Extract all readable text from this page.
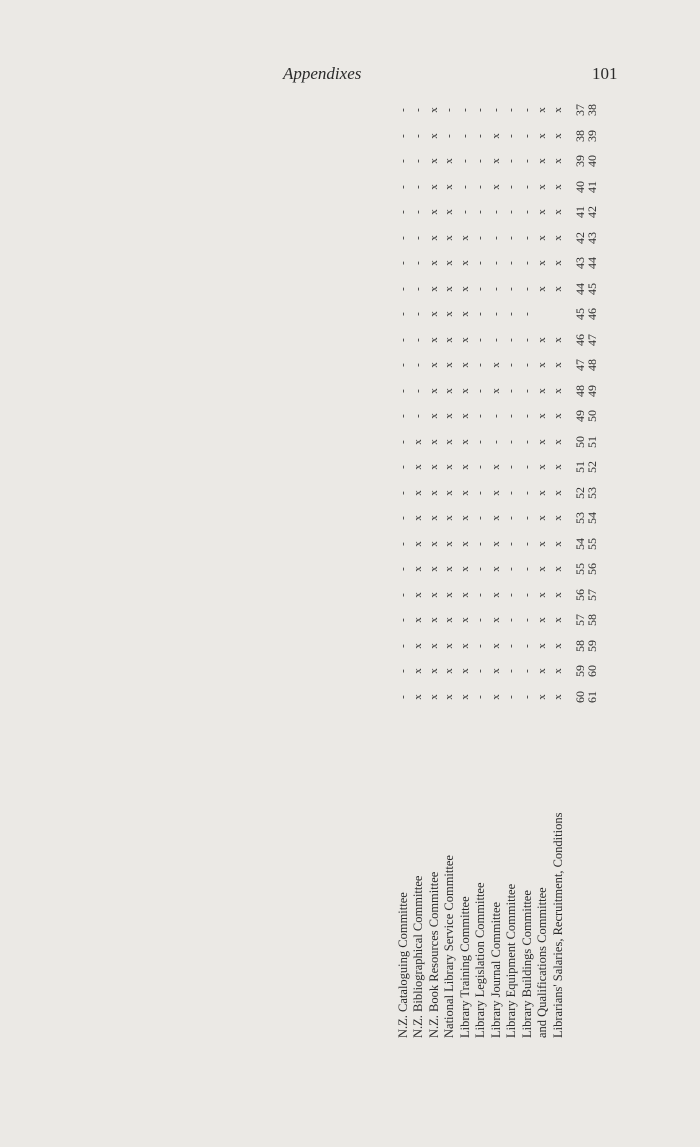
Appendixes	101
37
38
38
39
39
40
40
41
41
42
42
43
43
44
44
45
45
46
46
47
47
48
48
49
49
50
50
51
51
52
52
53
53
54
54
55
55
56
56
57
57
58
58
59
59
60
60
61
Librarians' Salaries, Recruitment, Conditions
x
x
x
x
x
x
x
x
x
x
x
x
x
x
x
x
x
x
x
x
x
x
x
and Qualifications Committee
x
x
x
x
x
x
x
x
x
x
x
x
x
x
x
x
x
x
x
x
x
x
x
Library Buildings Committee
-
-
-
-
-
-
-
-
-
-
-
-
-
-
-
-
-
-
-
-
-
-
-
-
Library Equipment Committee
-
-
-
-
-
-
-
-
-
-
-
-
-
-
-
-
-
-
-
-
-
-
-
-
Library Journal Committee
-
x
x
x
-
-
-
-
-
-
x
x
-
-
x
x
x
x
x
x
x
x
x
x
Library Legislation Committee
-
-
-
-
-
-
-
-
-
-
-
-
-
-
-
-
-
-
-
-
-
-
-
-
Library Training Committee
-
-
-
-
-
x
x
x
x
x
x
x
x
x
x
x
x
x
x
x
x
x
x
x
National Library Service Committee
-
-
x
x
x
x
x
x
x
x
x
x
x
x
x
x
x
x
x
x
x
x
x
x
N.Z. Book Resources Committee
x
x
x
x
x
x
x
x
x
x
x
x
x
x
x
x
x
x
x
x
x
x
x
x
N.Z. Bibliographical Committee
-
-
-
-
-
-
-
-
-
-
-
-
-
x
x
x
x
x
x
x
x
x
x
x
N.Z. Cataloguing Committee
-
-
-
-
-
-
-
-
-
-
-
-
-
-
-
-
-
-
-
-
-
-
-
-
